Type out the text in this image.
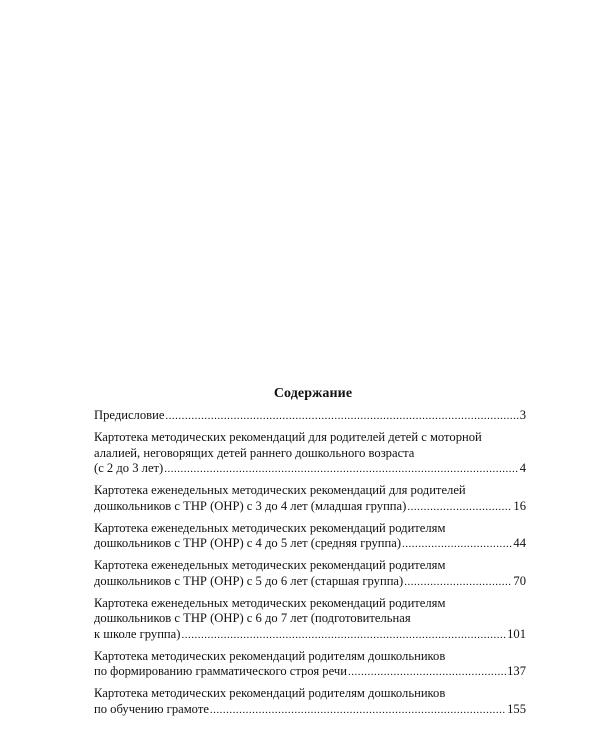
Содержание
Предисловие .....	3
Картотека методических рекомендаций для родителей детей с моторной
алалией, неговорящих детей раннего дошкольного возраста
(с 2 до 3 лет) .....	4
Картотека еженедельных методических рекомендаций для родителей
дошкольников с ТНР (ОНР) с 3 до 4 лет (младшая группа) .....	16
Картотека еженедельных методических рекомендаций родителям
дошкольников с ТНР (ОНР) с 4 до 5 лет (средняя группа) .....	44
Картотека еженедельных методических рекомендаций родителям
дошкольников с ТНР (ОНР) с 5 до 6 лет (старшая группа) .....	70
Картотека еженедельных методических рекомендаций родителям
дошкольников с ТНР (ОНР) с 6 до 7 лет (подготовительная
к школе группа) .....	101
Картотека методических рекомендаций родителям дошкольников
по формированию грамматического строя речи .....	137
Картотека методических рекомендаций родителям дошкольников
по обучению грамоте .....	155
